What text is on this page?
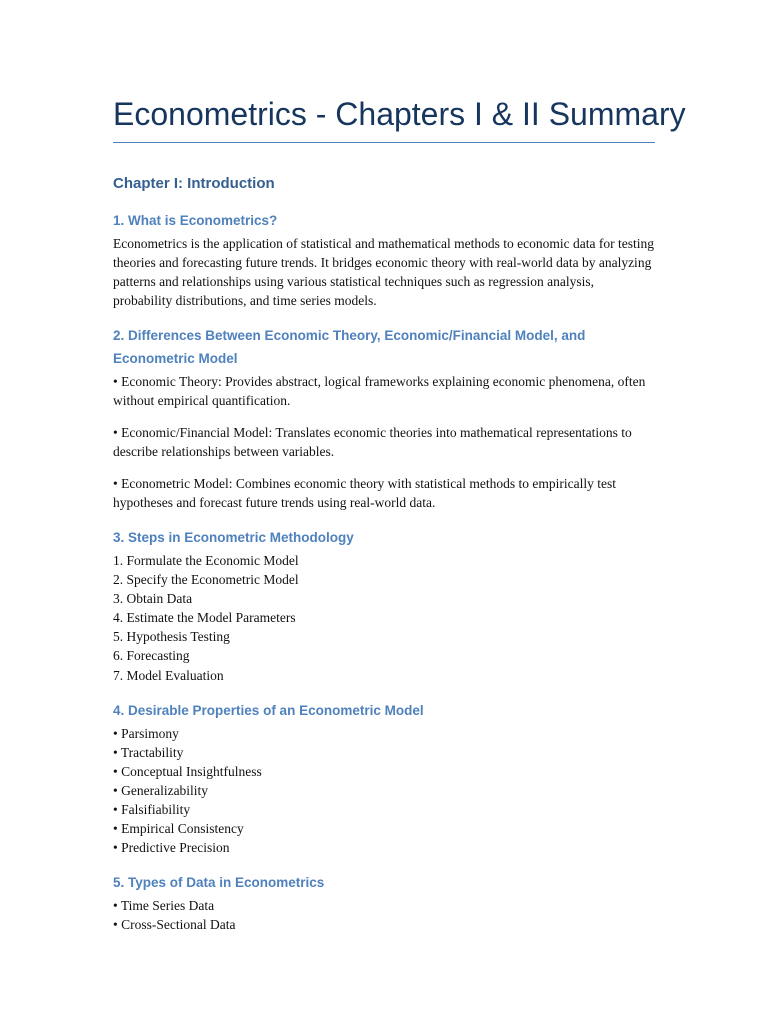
Econometrics - Chapters I & II Summary
Chapter I: Introduction
1. What is Econometrics?

Econometrics is the application of statistical and mathematical methods to economic data for testing theories and forecasting future trends. It bridges economic theory with real-world data by analyzing patterns and relationships using various statistical techniques such as regression analysis, probability distributions, and time series models.

2. Differences Between Economic Theory, Economic/Financial Model, and Econometric Model

• Economic Theory: Provides abstract, logical frameworks explaining economic phenomena, often without empirical quantification.

• Economic/Financial Model: Translates economic theories into mathematical representations to describe relationships between variables.

• Econometric Model: Combines economic theory with statistical methods to empirically test hypotheses and forecast future trends using real-world data.

3. Steps in Econometric Methodology
1. Formulate the Economic Model
2. Specify the Econometric Model
3. Obtain Data
4. Estimate the Model Parameters
5. Hypothesis Testing
6. Forecasting
7. Model Evaluation
4. Desirable Properties of an Econometric Model
• Parsimony
• Tractability
• Conceptual Insightfulness
• Generalizability
• Falsifiability
• Empirical Consistency
• Predictive Precision
5. Types of Data in Econometrics
• Time Series Data
• Cross-Sectional Data
